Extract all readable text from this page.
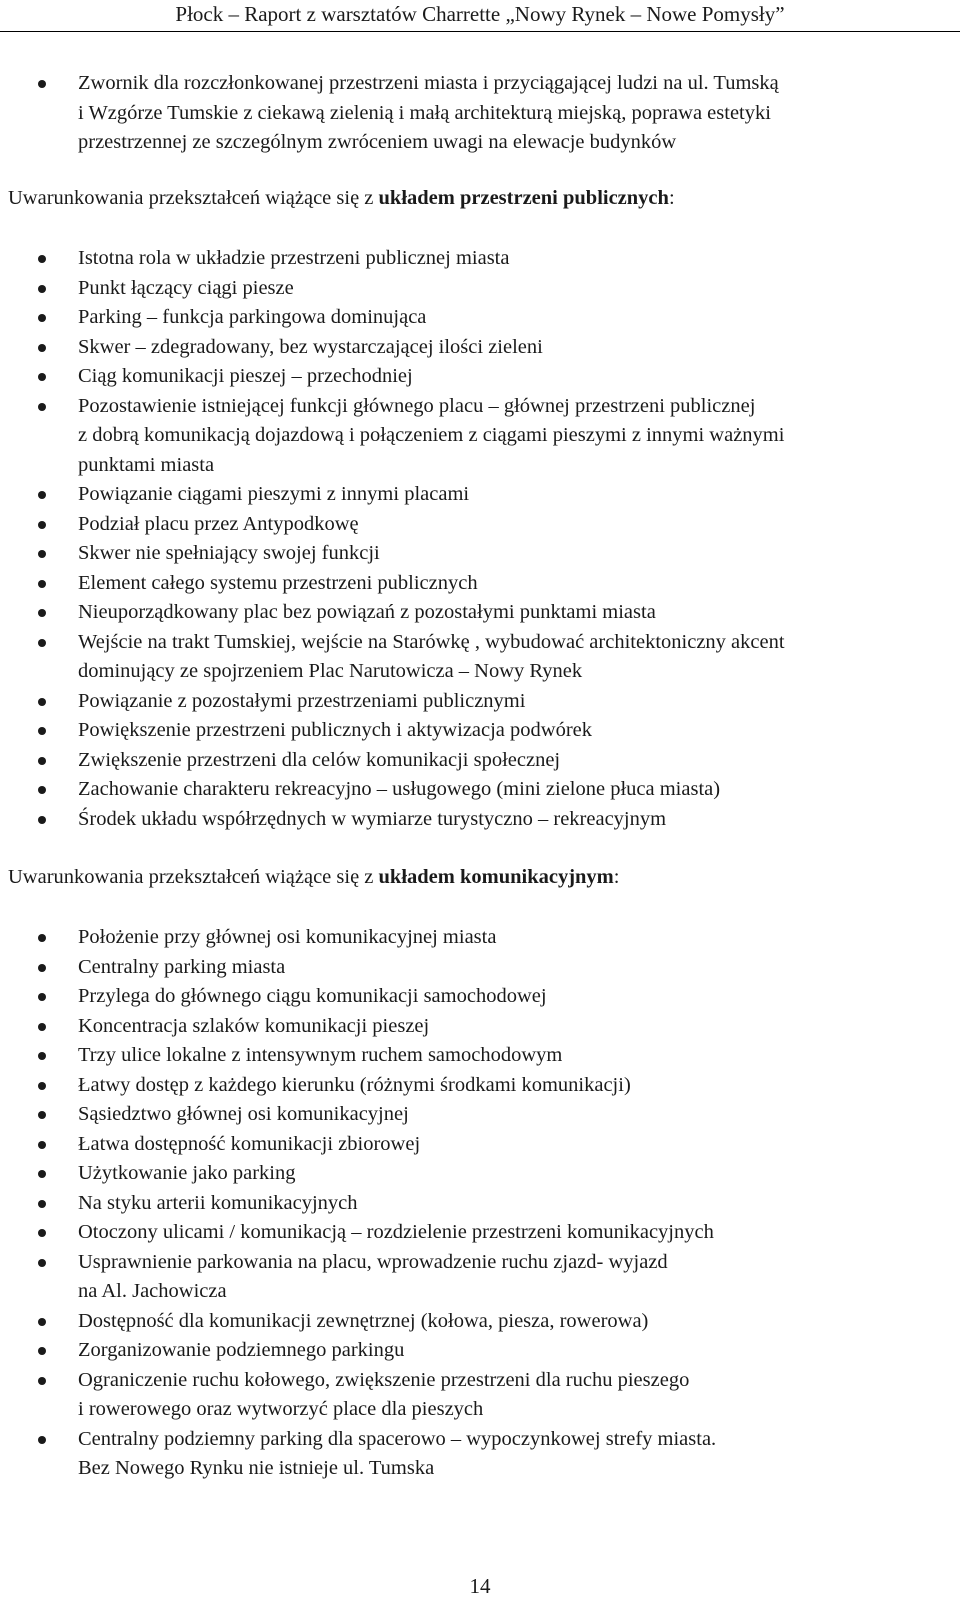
Płock – Raport z warsztatów Charrette „Nowy Rynek – Nowe Pomysły”
Zwornik dla rozczłonkowanej przestrzeni miasta i przyciągającej ludzi na ul. Tumską
i Wzgórze Tumskie z ciekawą zielenią i małą architekturą miejską, poprawa estetyki
przestrzennej ze szczególnym zwróceniem uwagi na elewacje budynków
Uwarunkowania przekształceń wiążące się z układem przestrzeni publicznych:
Istotna rola w układzie przestrzeni publicznej miasta
Punkt łączący ciągi piesze
Parking – funkcja parkingowa dominująca
Skwer – zdegradowany, bez wystarczającej ilości zieleni
Ciąg komunikacji pieszej – przechodniej
Pozostawienie istniejącej funkcji głównego placu – głównej przestrzeni publicznej
z dobrą komunikacją dojazdową i połączeniem z ciągami pieszymi z innymi ważnymi
punktami miasta
Powiązanie ciągami pieszymi z innymi placami
Podział placu przez Antypodkowę
Skwer nie spełniający swojej funkcji
Element całego systemu przestrzeni publicznych
Nieuporządkowany plac bez powiązań z pozostałymi punktami miasta
Wejście na trakt Tumskiej, wejście na Starówkę , wybudować architektoniczny akcent
dominujący ze spojrzeniem Plac Narutowicza – Nowy Rynek
Powiązanie z pozostałymi przestrzeniami publicznymi
Powiększenie przestrzeni publicznych i aktywizacja podwórek
Zwiększenie przestrzeni dla celów komunikacji społecznej
Zachowanie charakteru rekreacyjno – usługowego (mini zielone płuca miasta)
Środek układu współrzędnych w wymiarze turystyczno – rekreacyjnym
Uwarunkowania przekształceń wiążące się z układem komunikacyjnym:
Położenie przy głównej osi komunikacyjnej miasta
Centralny parking miasta
Przylega do głównego ciągu komunikacji samochodowej
Koncentracja szlaków komunikacji pieszej
Trzy ulice lokalne z intensywnym ruchem samochodowym
Łatwy dostęp z każdego kierunku (różnymi środkami komunikacji)
Sąsiedztwo głównej osi komunikacyjnej
Łatwa dostępność komunikacji zbiorowej
Użytkowanie jako parking
Na styku arterii komunikacyjnych
Otoczony ulicami / komunikacją – rozdzielenie przestrzeni komunikacyjnych
Usprawnienie parkowania na placu, wprowadzenie ruchu zjazd- wyjazd
na Al. Jachowicza
Dostępność dla komunikacji zewnętrznej (kołowa, piesza, rowerowa)
Zorganizowanie podziemnego parkingu
Ograniczenie ruchu kołowego, zwiększenie przestrzeni dla ruchu pieszego
i rowerowego oraz wytworzyć place dla pieszych
Centralny podziemny parking dla spacerowo – wypoczynkowej strefy miasta.
Bez Nowego Rynku nie istnieje ul. Tumska
14
